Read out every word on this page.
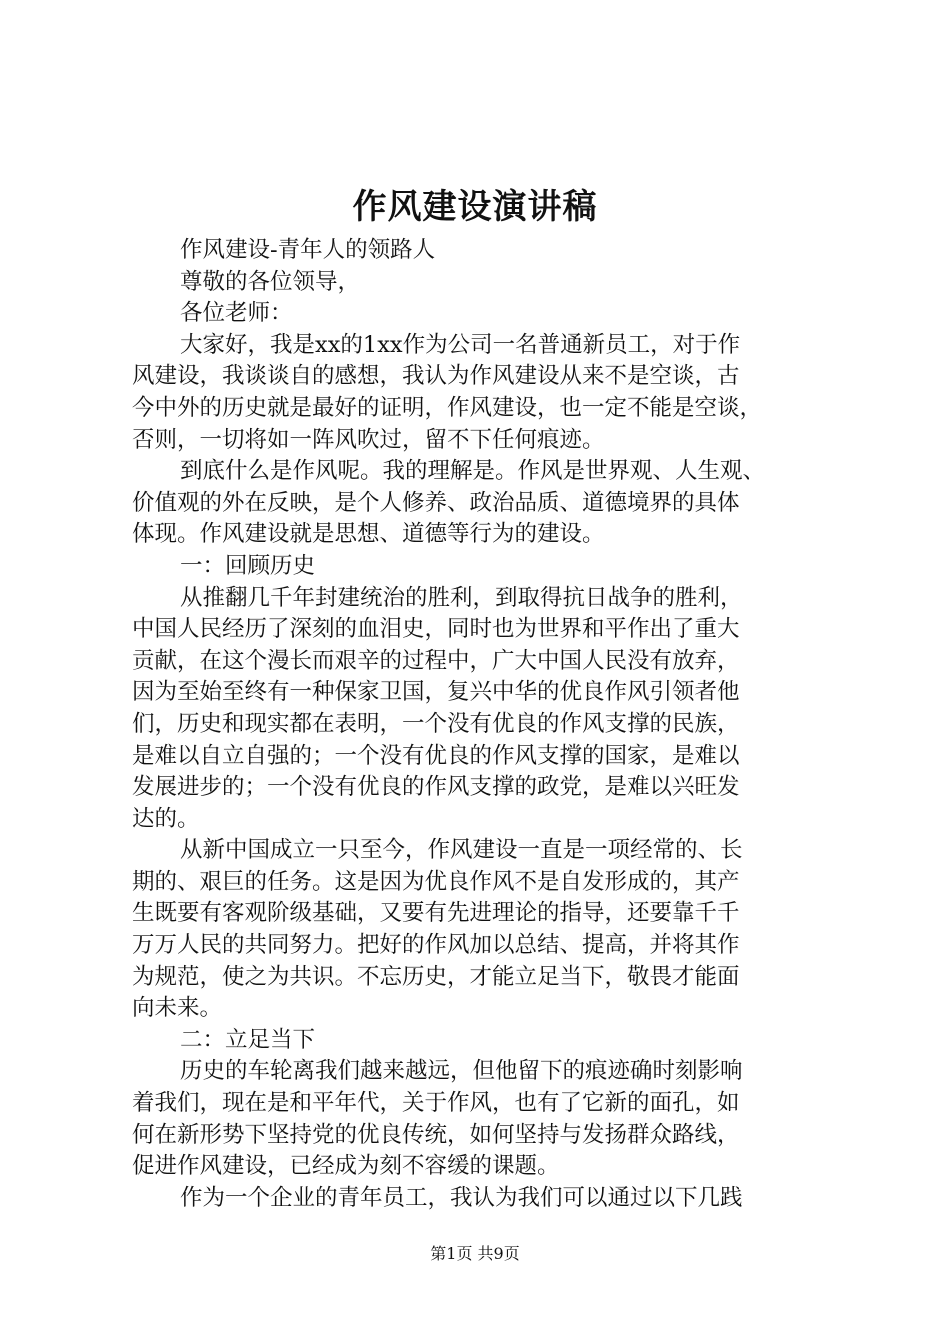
作风建设演讲稿
作风建设-青年人的领路人
尊敬的各位领导，
各位老师：
大家好，我是xx的1xx作为公司一名普通新员工，对于作
风建设，我谈谈自的感想，我认为作风建设从来不是空谈，古
今中外的历史就是最好的证明，作风建设，也一定不能是空谈，
否则，一切将如一阵风吹过，留不下任何痕迹。
到底什么是作风呢。我的理解是。作风是世界观、人生观、
价值观的外在反映，是个人修养、政治品质、道德境界的具体
体现。作风建设就是思想、道德等行为的建设。
一：回顾历史
从推翻几千年封建统治的胜利，到取得抗日战争的胜利，
中国人民经历了深刻的血泪史，同时也为世界和平作出了重大
贡献，在这个漫长而艰辛的过程中，广大中国人民没有放弃，
因为至始至终有一种保家卫国，复兴中华的优良作风引领者他
们，历史和现实都在表明，一个没有优良的作风支撑的民族，
是难以自立自强的；一个没有优良的作风支撑的国家，是难以
发展进步的；一个没有优良的作风支撑的政党，是难以兴旺发
达的。
从新中国成立一只至今，作风建设一直是一项经常的、长
期的、艰巨的任务。这是因为优良作风不是自发形成的，其产
生既要有客观阶级基础，又要有先进理论的指导，还要靠千千
万万人民的共同努力。把好的作风加以总结、提高，并将其作
为规范，使之为共识。不忘历史，才能立足当下，敬畏才能面
向未来。
二：立足当下
历史的车轮离我们越来越远，但他留下的痕迹确时刻影响
着我们，现在是和平年代，关于作风，也有了它新的面孔，如
何在新形势下坚持党的优良传统，如何坚持与发扬群众路线，
促进作风建设，已经成为刻不容缓的课题。
作为一个企业的青年员工，我认为我们可以通过以下几践
第1页 共9页
